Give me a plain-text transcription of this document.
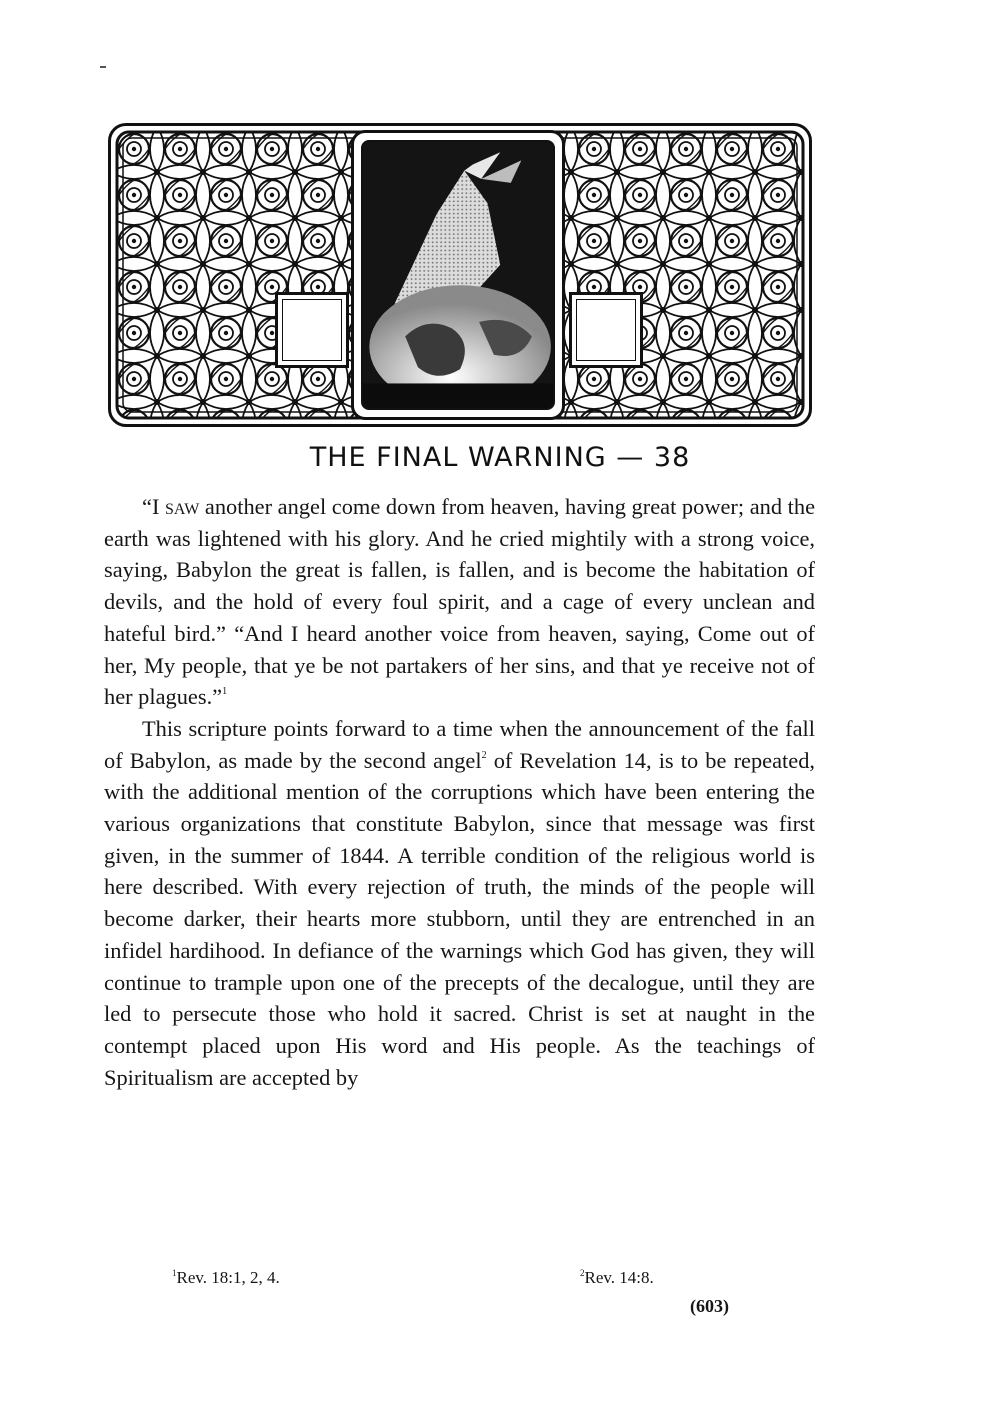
THE FINAL WARNING — 38

“I saw another angel come down from heaven, having great power; and the earth was lightened with his glory. And he cried mightily with a strong voice, saying, Babylon the great is fallen, is fallen, and is become the habitation of devils, and the hold of every foul spirit, and a cage of every unclean and hateful bird.” “And I heard another voice from heaven, saying, Come out of her, My people, that ye be not partakers of her sins, and that ye receive not of her plagues.”$^1$

This scripture points forward to a time when the announcement of the fall of Babylon, as made by the second angel$^2$ of Revelation 14, is to be repeated, with the additional mention of the corruptions which have been entering the various organizations that constitute Babylon, since that message was first given, in the summer of 1844. A terrible condition of the religious world is here described. With every rejection of truth, the minds of the people will become darker, their hearts more stubborn, until they are entrenched in an infidel hardihood. In defiance of the warnings which God has given, they will continue to trample upon one of the precepts of the decalogue, until they are led to persecute those who hold it sacred. Christ is set at naught in the contempt placed upon His word and His people. As the teachings of Spiritualism are accepted by

$^1$Rev. 18:1, 2, 4.	$^2$Rev. 14:8.
(603)
